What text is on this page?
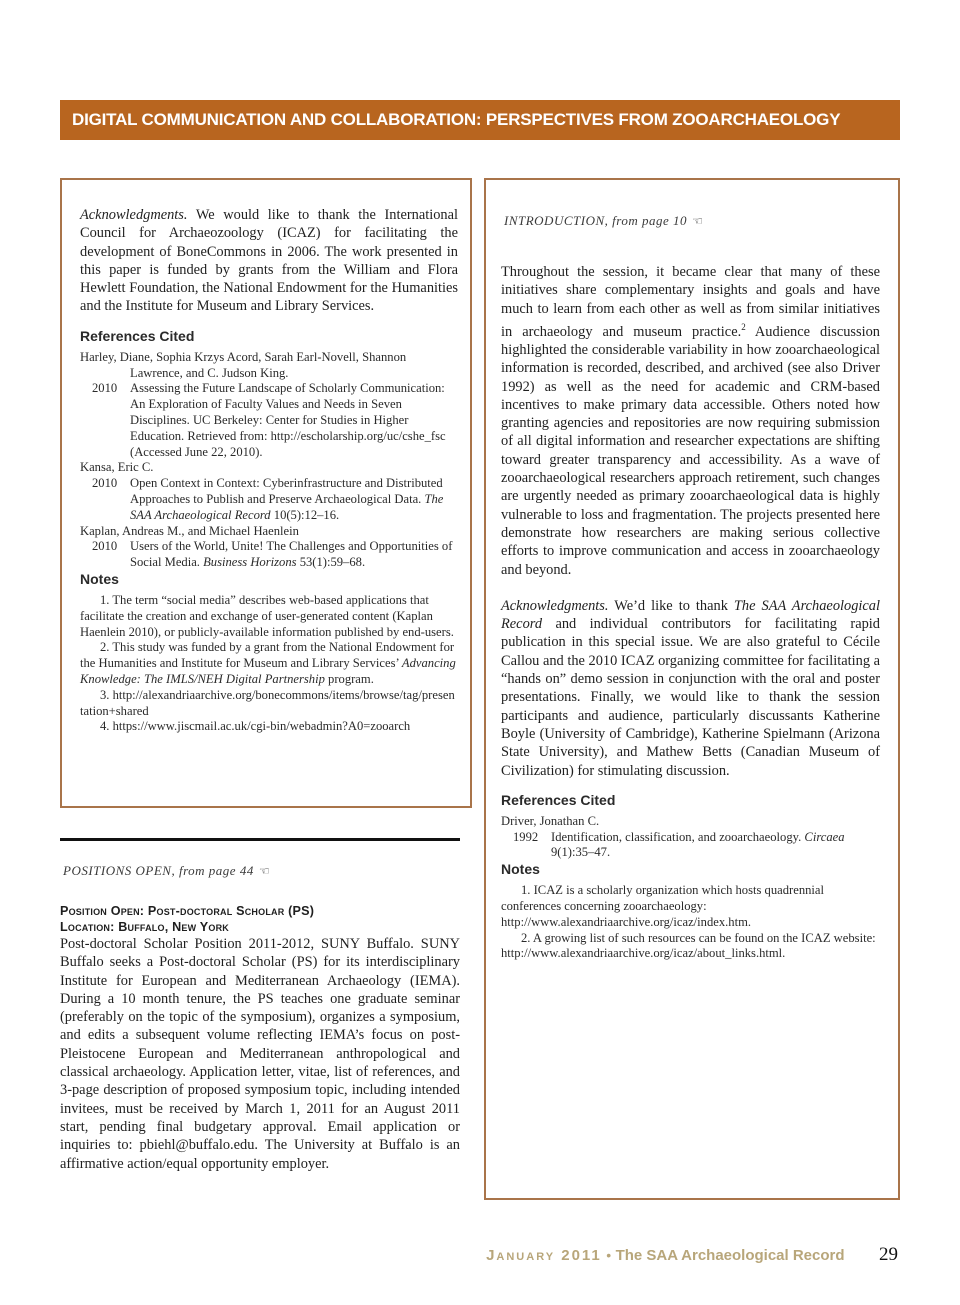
DIGITAL COMMUNICATION AND COLLABORATION: PERSPECTIVES FROM ZOOARCHAEOLOGY

Acknowledgments. We would like to thank the International Council for Archaeozoology (ICAZ) for facilitating the development of BoneCommons in 2006. The work presented in this paper is funded by grants from the William and Flora Hewlett Foundation, the National Endowment for the Humanities and the Institute for Museum and Library Services.

References Cited

Harley, Diane, Sophia Krzys Acord, Sarah Earl-Novell, Shannon Lawrence, and C. Judson King.

2010 Assessing the Future Landscape of Scholarly Communication: An Exploration of Faculty Values and Needs in Seven Disciplines. UC Berkeley: Center for Studies in Higher Education. Retrieved from: http://escholarship.org/uc/cshe_fsc (Accessed June 22, 2010).

Kansa, Eric C.

2010 Open Context in Context: Cyberinfrastructure and Distributed Approaches to Publish and Preserve Archaeological Data. The SAA Archaeological Record 10(5):12–16.

Kaplan, Andreas M., and Michael Haenlein

2010 Users of the World, Unite! The Challenges and Opportunities of Social Media. Business Horizons 53(1):59–68.

Notes

1. The term “social media” describes web-based applications that facilitate the creation and exchange of user-generated content (Kaplan Haenlein 2010), or publicly-available information published by end-users.

2. This study was funded by a grant from the National Endowment for the Humanities and Institute for Museum and Library Services’ Advancing Knowledge: The IMLS/NEH Digital Partnership program.

3. http://alexandriaarchive.org/bonecommons/items/browse/tag/presentation+shared

4. https://www.jiscmail.ac.uk/cgi-bin/webadmin?A0=zooarch

POSITIONS OPEN, from page 44 ☜

Position Open: Post-doctoral Scholar (PS)

Location: Buffalo, New York

Post-doctoral Scholar Position 2011-2012, SUNY Buffalo. SUNY Buffalo seeks a Post-doctoral Scholar (PS) for its interdisciplinary Institute for European and Mediterranean Archaeology (IEMA). During a 10 month tenure, the PS teaches one graduate seminar (preferably on the topic of the symposium), organizes a symposium, and edits a subsequent volume reflecting IEMA’s focus on post-Pleistocene European and Mediterranean anthropological and classical archaeology. Application letter, vitae, list of references, and 3-page description of proposed symposium topic, including intended invitees, must be received by March 1, 2011 for an August 2011 start, pending final budgetary approval. Email application or inquiries to: pbiehl@buffalo.edu. The University at Buffalo is an affirmative action/equal opportunity employer.

INTRODUCTION, from page 10 ☜

Throughout the session, it became clear that many of these initiatives share complementary insights and goals and have much to learn from each other as well as from similar initiatives in archaeology and museum practice.$^2$ Audience discussion highlighted the considerable variability in how zooarchaeological information is recorded, described, and archived (see also Driver 1992) as well as the need for academic and CRM-based incentives to make primary data accessible. Others noted how granting agencies and repositories are now requiring submission of all digital information and researcher expectations are shifting toward greater transparency and accessibility. As a wave of zooarchaeological researchers approach retirement, such changes are urgently needed as primary zooarchaeological data is highly vulnerable to loss and fragmentation. The projects presented here demonstrate how researchers are making serious collective efforts to improve communication and access in zooarchaeology and beyond.

Acknowledgments. We’d like to thank The SAA Archaeological Record and individual contributors for facilitating rapid publication in this special issue. We are also grateful to Cécile Callou and the 2010 ICAZ organizing committee for facilitating a “hands on” demo session in conjunction with the oral and poster presentations. Finally, we would like to thank the session participants and audience, particularly discussants Katherine Boyle (University of Cambridge), Katherine Spielmann (Arizona State University), and Mathew Betts (Canadian Museum of Civilization) for stimulating discussion.

References Cited

Driver, Jonathan C.

1992 Identification, classification, and zooarchaeology. Circaea 9(1):35–47.

Notes

1. ICAZ is a scholarly organization which hosts quadrennial conferences concerning zooarchaeology: http://www.alexandriaarchive.org/icaz/index.htm.

2. A growing list of such resources can be found on the ICAZ website: http://www.alexandriaarchive.org/icaz/about_links.html.

January 2011 • The SAA Archaeological Record 29
